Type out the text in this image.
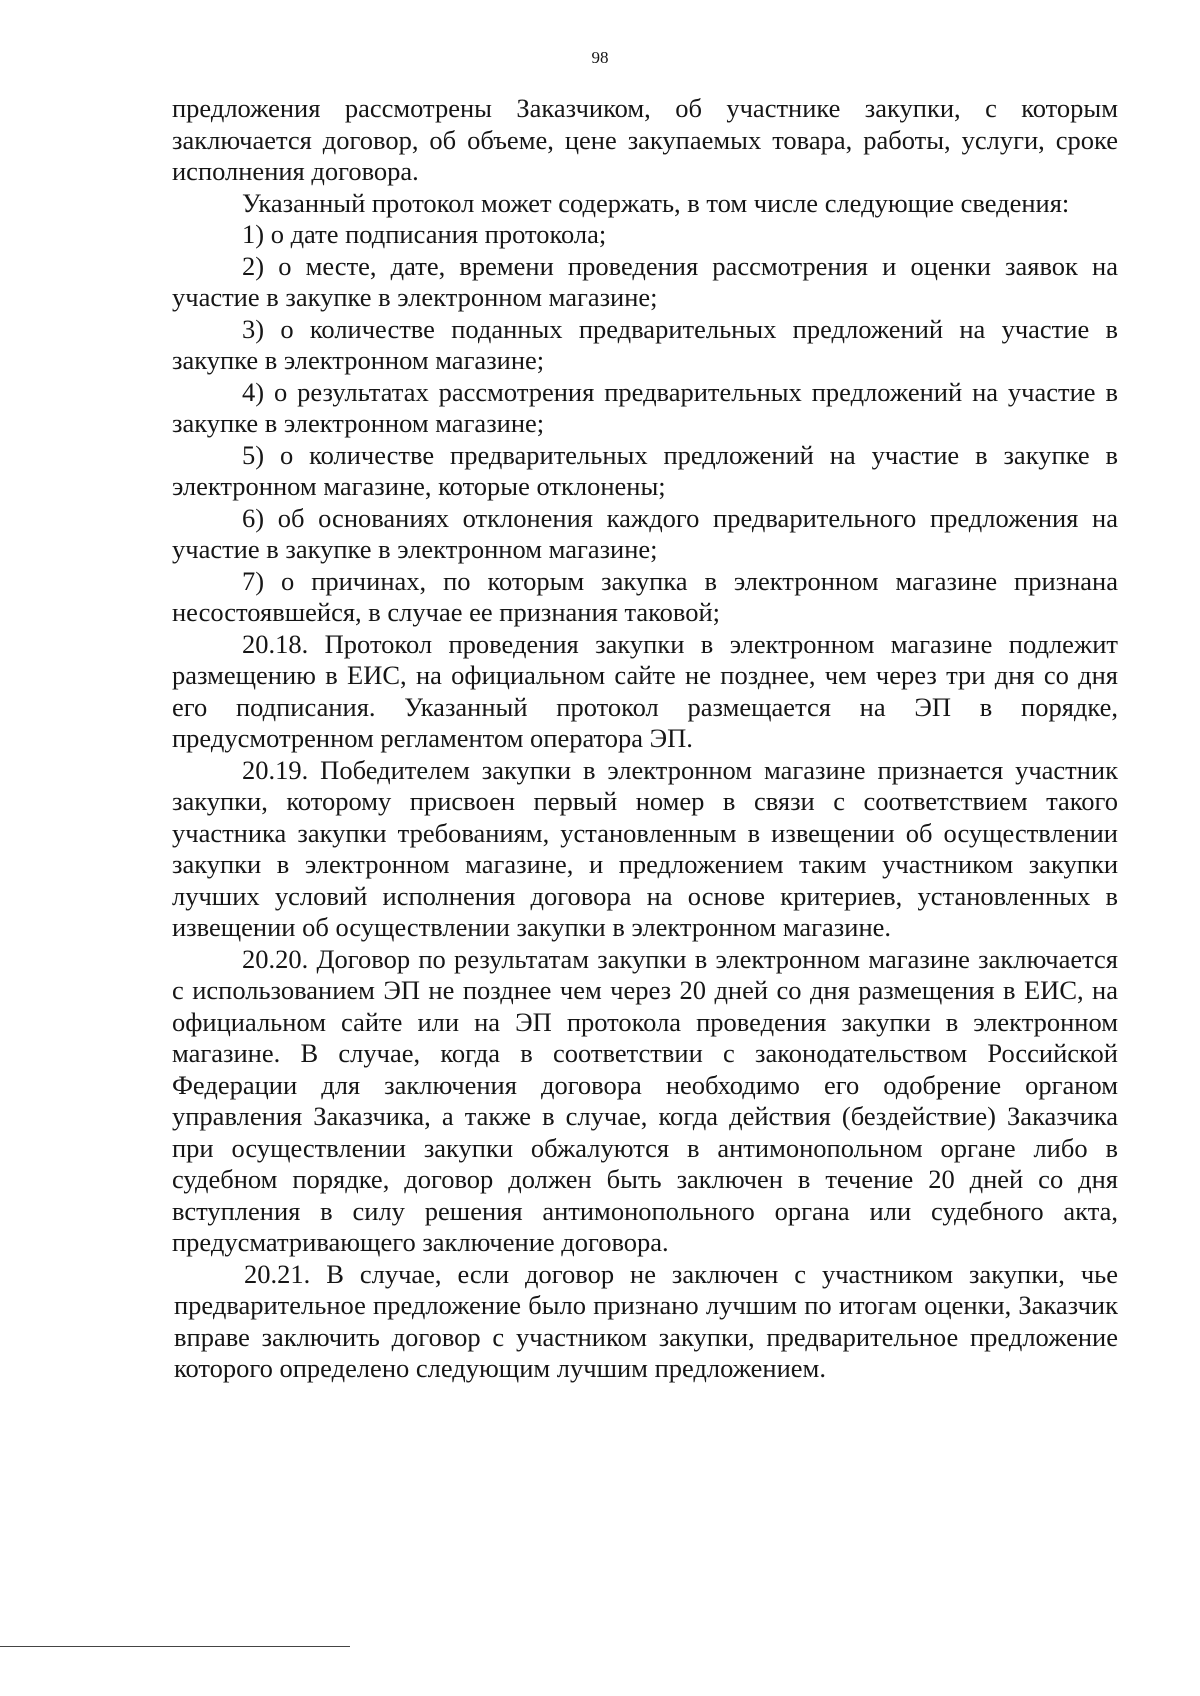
98

предложения рассмотрены Заказчиком, об участнике закупки, с которым заключается договор, об объеме, цене закупаемых товара, работы, услуги, сроке исполнения договора.

Указанный протокол может содержать, в том числе следующие сведения:

1) о дате подписания протокола;

2) о месте, дате, времени проведения рассмотрения и оценки заявок на участие в закупке в электронном магазине;

3) о количестве поданных предварительных предложений на участие в закупке в электронном магазине;

4) о результатах рассмотрения предварительных предложений на участие в закупке в электронном магазине;

5) о количестве предварительных предложений на участие в закупке в электронном магазине, которые отклонены;

6) об основаниях отклонения каждого предварительного предложения на участие в закупке в электронном магазине;

7) о причинах, по которым закупка в электронном магазине признана несостоявшейся, в случае ее признания таковой;

20.18. Протокол проведения закупки в электронном магазине подлежит размещению в ЕИС, на официальном сайте не позднее, чем через три дня со дня его подписания. Указанный протокол размещается на ЭП в порядке, предусмотренном регламентом оператора ЭП.

20.19. Победителем закупки в электронном магазине признается участник закупки, которому присвоен первый номер в связи с соответствием такого участника закупки требованиям, установленным в извещении об осуществлении закупки в электронном магазине, и предложением таким участником закупки лучших условий исполнения договора на основе критериев, установленных в извещении об осуществлении закупки в электронном магазине.

20.20. Договор по результатам закупки в электронном магазине заключается с использованием ЭП не позднее чем через 20 дней со дня размещения в ЕИС, на официальном сайте или на ЭП протокола проведения закупки в электронном магазине. В случае, когда в соответствии с законодательством Российской Федерации для заключения договора необходимо его одобрение органом управления Заказчика, а также в случае, когда действия (бездействие) Заказчика при осуществлении закупки обжалуются в антимонопольном органе либо в судебном порядке, договор должен быть заключен в течение 20 дней со дня вступления в силу решения антимонопольного органа или судебного акта, предусматривающего заключение договора.

20.21. В случае, если договор не заключен с участником закупки, чье предварительное предложение было признано лучшим по итогам оценки, Заказчик вправе заключить договор с участником закупки, предварительное предложение которого определено следующим лучшим предложением.
